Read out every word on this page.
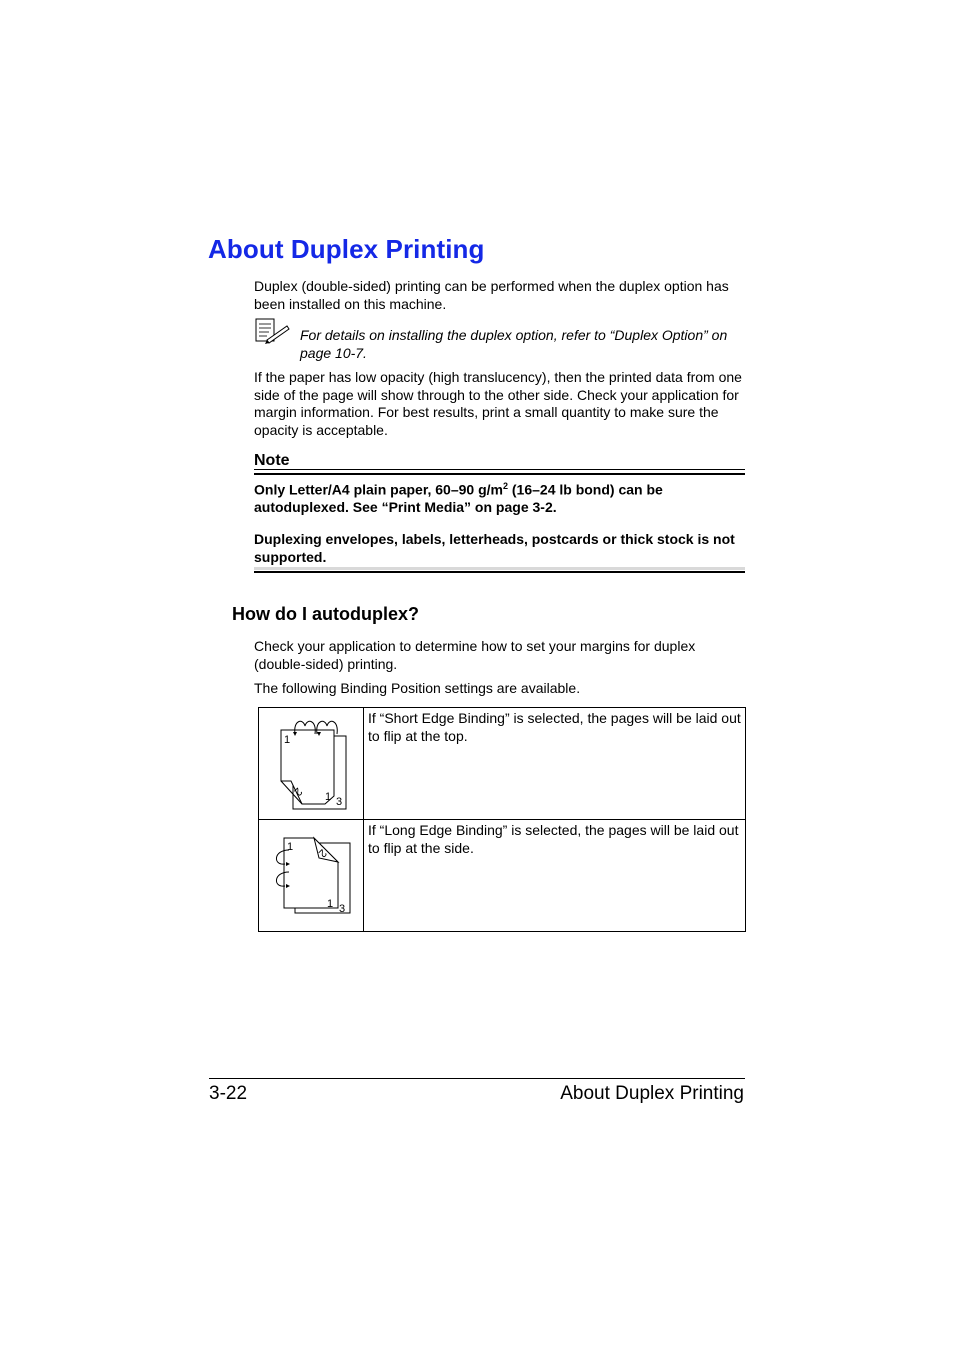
About Duplex Printing
Duplex (double-sided) printing can be performed when the duplex option has been installed on this machine.
For details on installing the duplex option, refer to “Duplex Option” on page 10-7.
If the paper has low opacity (high translucency), then the printed data from one side of the page will show through to the other side. Check your application for margin information. For best results, print a small quantity to make sure the opacity is acceptable.
Note
Only Letter/A4 plain paper, 60–90 $g/m^2$ (16–24 lb bond) can be autoduplexed. See “Print Media” on page 3-2.
Duplexing envelopes, labels, letterheads, postcards or thick stock is not supported.
How do I autoduplex?
Check your application to determine how to set your margins for duplex (double-sided) printing.
The following Binding Position settings are available.
1
2 1 3	If “Short Edge Binding” is selected, the pages will be laid out to flip at the top.

1 2
1 3	If “Long Edge Binding” is selected, the pages will be laid out to flip at the side.
3-22	About Duplex Printing
